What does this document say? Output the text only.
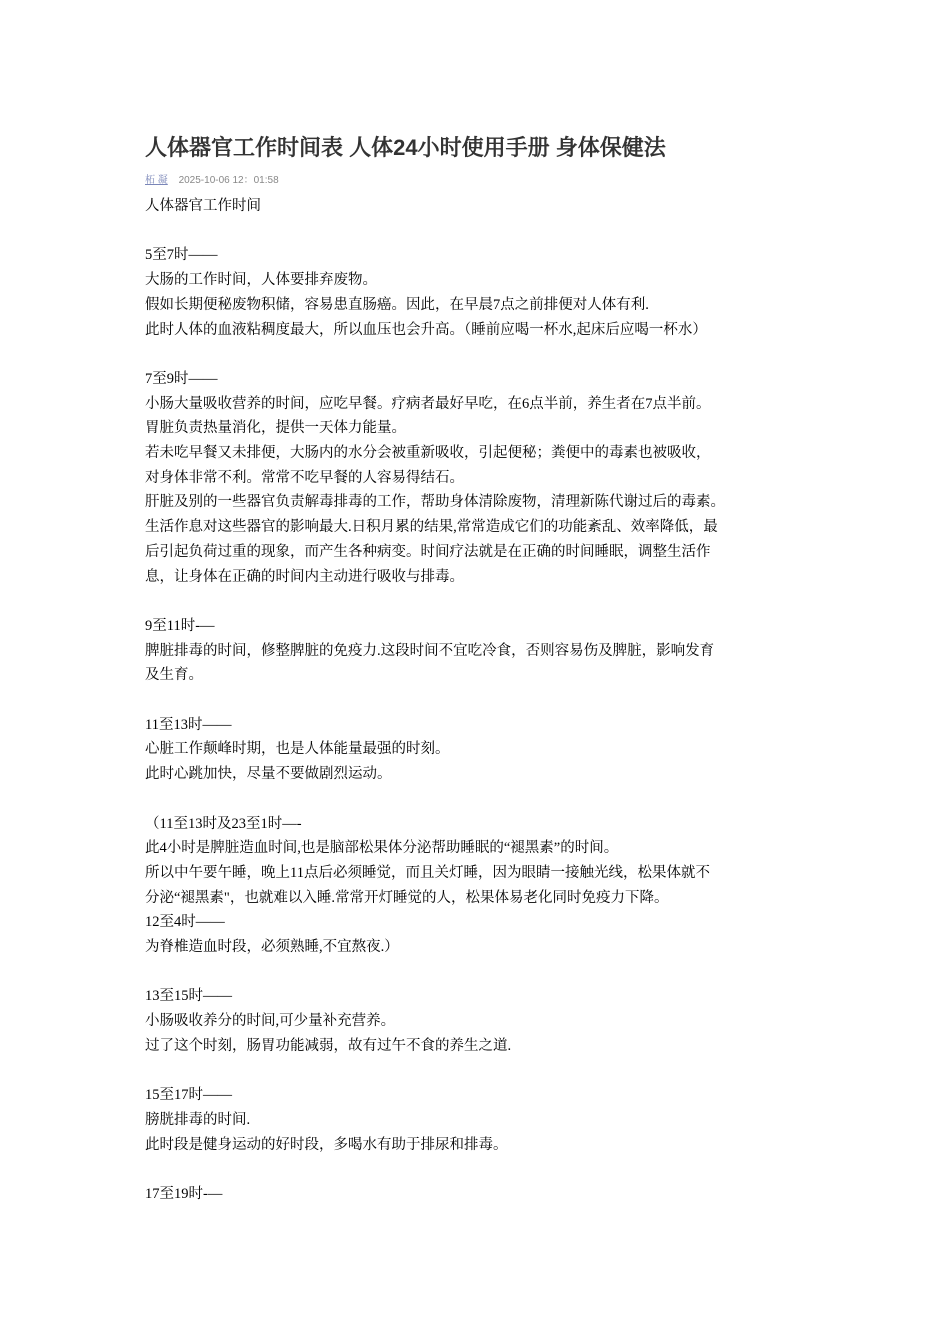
人体器官工作时间表 人体24小时使用手册 身体保健法
柘 凝 2025-10-06 12：01:58
人体器官工作时间
5至7时——
大肠的工作时间，人体要排弃废物。
假如长期便秘废物积储，容易患直肠癌。因此，在早晨7点之前排便对人体有利.
此时人体的血液粘稠度最大，所以血压也会升高。（睡前应喝一杯水,起床后应喝一杯水）
7至9时——
小肠大量吸收营养的时间，应吃早餐。疗病者最好早吃，在6点半前，养生者在7点半前。
胃脏负责热量消化，提供一天体力能量。
若未吃早餐又未排便，大肠内的水分会被重新吸收，引起便秘；粪便中的毒素也被吸收，
对身体非常不利。常常不吃早餐的人容易得结石。
肝脏及别的一些器官负责解毒排毒的工作，帮助身体清除废物，清理新陈代谢过后的毒素。
生活作息对这些器官的影响最大.日积月累的结果,常常造成它们的功能紊乱、效率降低，最
后引起负荷过重的现象，而产生各种病变。时间疗法就是在正确的时间睡眠，调整生活作
息，让身体在正确的时间内主动进行吸收与排毒。
9至11时-—
脾脏排毒的时间，修整脾脏的免疫力.这段时间不宜吃冷食，否则容易伤及脾脏，影响发育
及生育。
11至13时——
心脏工作颠峰时期，也是人体能量最强的时刻。
此时心跳加快，尽量不要做剧烈运动。
（11至13时及23至1时—-
此4小时是脾脏造血时间,也是脑部松果体分泌帮助睡眠的“褪黑素”的时间。
所以中午要午睡，晚上11点后必须睡觉，而且关灯睡，因为眼睛一接触光线，松果体就不
分泌“褪黑素"，也就难以入睡.常常开灯睡觉的人，松果体易老化同时免疫力下降。
12至4时——
为脊椎造血时段，必须熟睡,不宜熬夜.）
13至15时——
小肠吸收养分的时间,可少量补充营养。
过了这个时刻，肠胃功能减弱，故有过午不食的养生之道.
15至17时——
膀胱排毒的时间.
此时段是健身运动的好时段，多喝水有助于排尿和排毒。
17至19时-—
